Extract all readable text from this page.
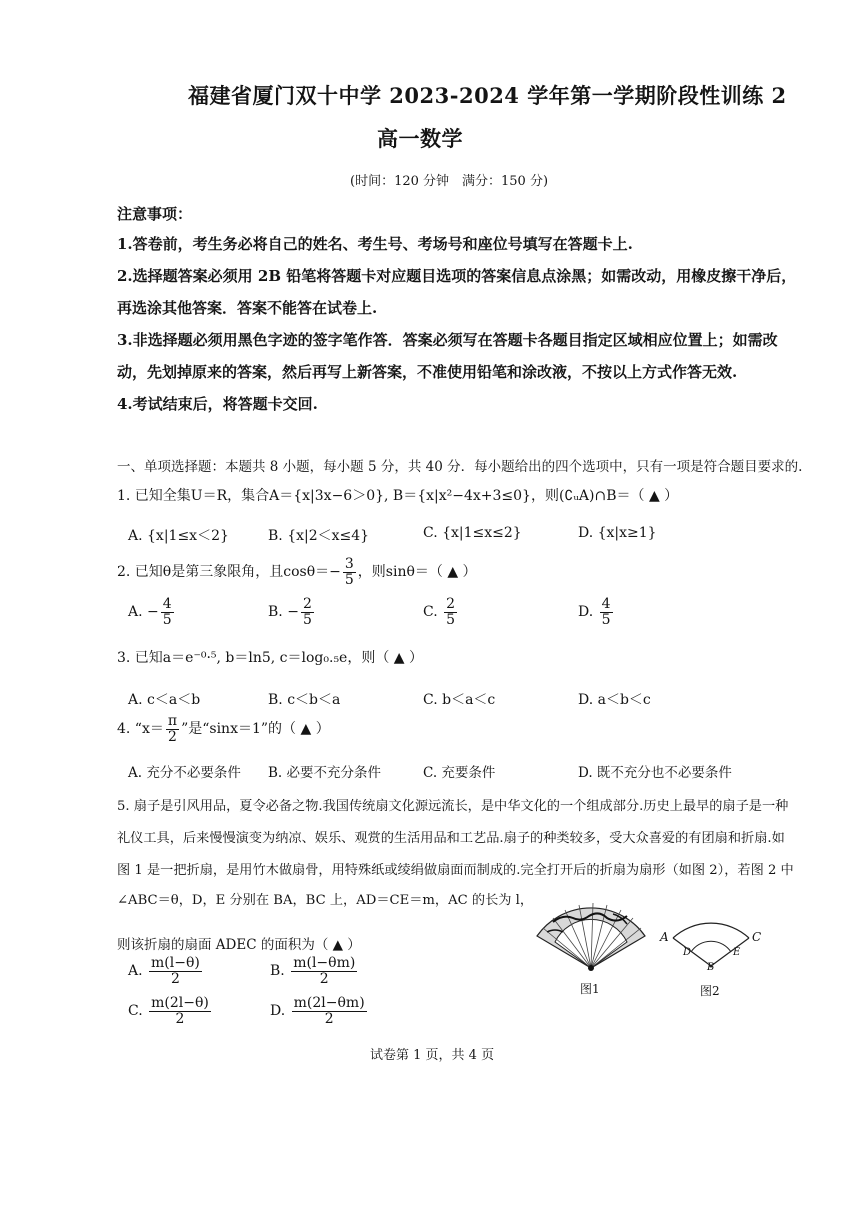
福建省厦门双十中学 2023-2024 学年第一学期阶段性训练 2
高一数学
(时间：120 分钟　满分：150 分)
注意事项：
1.答卷前，考生务必将自己的姓名、考生号、考场号和座位号填写在答题卡上.
2.选择题答案必须用 2B 铅笔将答题卡对应题目选项的答案信息点涂黑；如需改动，用橡皮擦干净后，
再选涂其他答案．答案不能答在试卷上.
3.非选择题必须用黑色字迹的签字笔作答．答案必须写在答题卡各题目指定区域相应位置上；如需改
动，先划掉原来的答案，然后再写上新答案，不准使用铅笔和涂改液，不按以上方式作答无效.
4.考试结束后，将答题卡交回.
一、单项选择题：本题共 8 小题，每小题 5 分，共 40 分．每小题给出的四个选项中，只有一项是符合题目要求的.
1. 已知全集U＝R，集合A＝{x|3x−6＞0}, B＝{x|x²−4x+3≤0}，则(∁ᵤA)∩B＝（ ▲ ）
A. {x|1≤x＜2}	B. {x|2＜x≤4}	C. {x|1≤x≤2}	D. {x|x≥1}
2. 已知θ是第三象限角，且$\cos\theta=- \frac{3}{5}$ ，则sinθ＝（ ▲ ）
A. − $\frac{4}{5}$	B. − $\frac{2}{5}$	C. $\frac{2}{5}$	D. $\frac{4}{5}$
3. 已知a＝e⁻⁰·⁵, b＝ln5, c＝log₀.₅e，则（ ▲ ）
A. c＜a＜b	B. c＜b＜a	C. b＜a＜c	D. a＜b＜c
4. “$x= \frac{\pi}{2}$ ”是“sinx＝1”的（ ▲ ）
A. 充分不必要条件 B. 必要不充分条件	C. 充要条件	D. 既不充分也不必要条件
5. 扇子是引风用品，夏令必备之物.我国传统扇文化源远流长，是中华文化的一个组成部分.历史上最早的扇子是一种
礼仪工具，后来慢慢演变为纳凉、娱乐、观赏的生活用品和工艺品.扇子的种类较多，受大众喜爱的有团扇和折扇.如
图 1 是一把折扇，是用竹木做扇骨，用特殊纸或绫绢做扇面而制成的.完全打开后的折扇为扇形（如图 2），若图 2 中
∠ABC＝θ，D，E 分别在 BA，BC 上，AD＝CE＝m，AC 的长为 l，
则该折扇的扇面 ADEC 的面积为（ ▲ ）
A. $\frac{m(l-\theta)}{2}$	B. $\frac{m(l-\theta m)}{2}$
C. $\frac{m(2l-\theta)}{2}$	D. $\frac{m(2l-\theta m)}{2}$
图1
A	C
D	E
B
图2
试卷第 1 页，共 4 页
